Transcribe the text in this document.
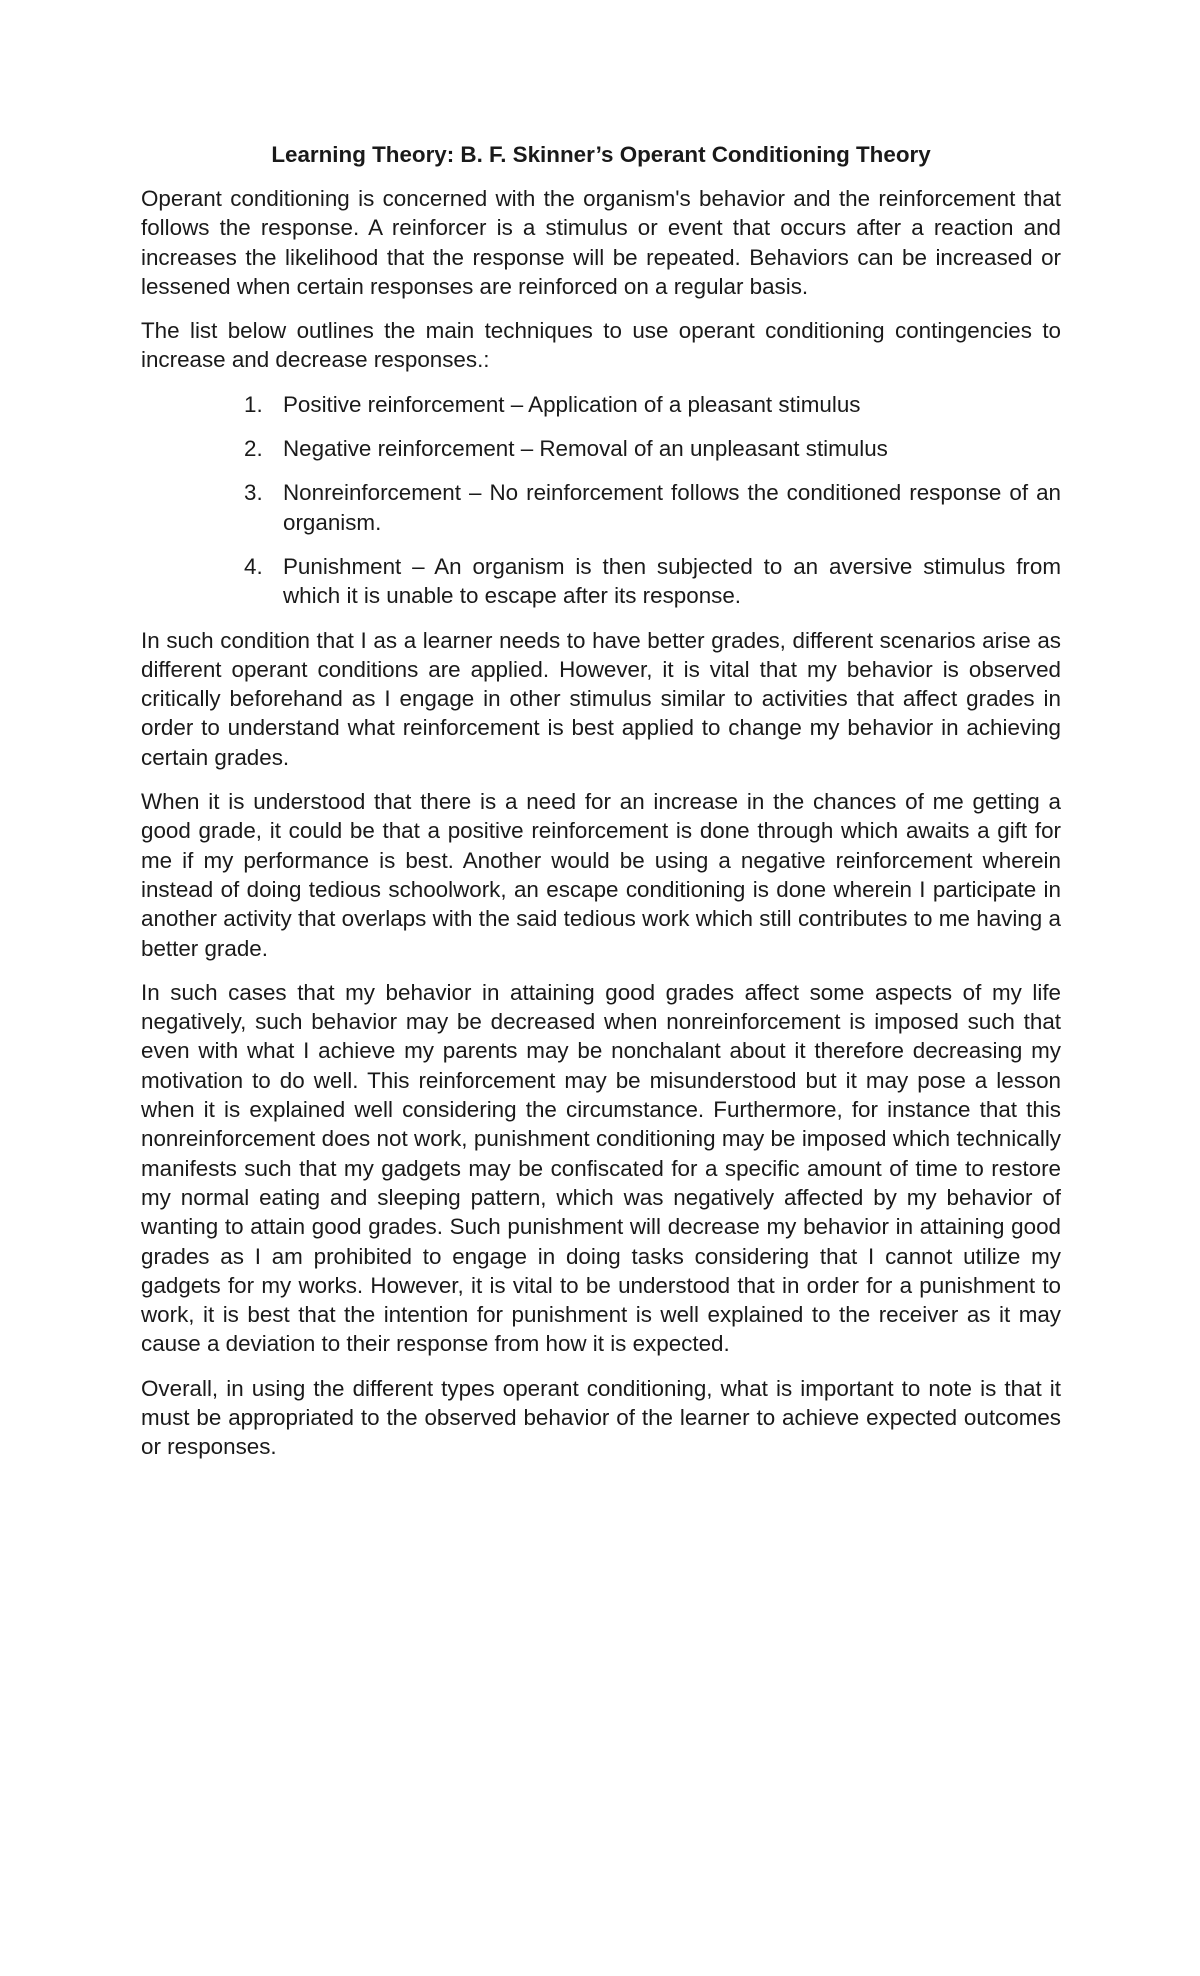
Learning Theory: B. F. Skinner’s Operant Conditioning Theory
Operant conditioning is concerned with the organism's behavior and the reinforcement that follows the response. A reinforcer is a stimulus or event that occurs after a reaction and increases the likelihood that the response will be repeated. Behaviors can be increased or lessened when certain responses are reinforced on a regular basis.
The list below outlines the main techniques to use operant conditioning contingencies to increase and decrease responses.:
1. Positive reinforcement – Application of a pleasant stimulus
2. Negative reinforcement – Removal of an unpleasant stimulus
3. Nonreinforcement – No reinforcement follows the conditioned response of an organism.
4. Punishment – An organism is then subjected to an aversive stimulus from which it is unable to escape after its response.
In such condition that I as a learner needs to have better grades, different scenarios arise as different operant conditions are applied. However, it is vital that my behavior is observed critically beforehand as I engage in other stimulus similar to activities that affect grades in order to understand what reinforcement is best applied to change my behavior in achieving certain grades.
When it is understood that there is a need for an increase in the chances of me getting a good grade, it could be that a positive reinforcement is done through which awaits a gift for me if my performance is best. Another would be using a negative reinforcement wherein instead of doing tedious schoolwork, an escape conditioning is done wherein I participate in another activity that overlaps with the said tedious work which still contributes to me having a better grade.
In such cases that my behavior in attaining good grades affect some aspects of my life negatively, such behavior may be decreased when nonreinforcement is imposed such that even with what I achieve my parents may be nonchalant about it therefore decreasing my motivation to do well. This reinforcement may be misunderstood but it may pose a lesson when it is explained well considering the circumstance. Furthermore, for instance that this nonreinforcement does not work, punishment conditioning may be imposed which technically manifests such that my gadgets may be confiscated for a specific amount of time to restore my normal eating and sleeping pattern, which was negatively affected by my behavior of wanting to attain good grades. Such punishment will decrease my behavior in attaining good grades as I am prohibited to engage in doing tasks considering that I cannot utilize my gadgets for my works. However, it is vital to be understood that in order for a punishment to work, it is best that the intention for punishment is well explained to the receiver as it may cause a deviation to their response from how it is expected.
Overall, in using the different types operant conditioning, what is important to note is that it must be appropriated to the observed behavior of the learner to achieve expected outcomes or responses.
